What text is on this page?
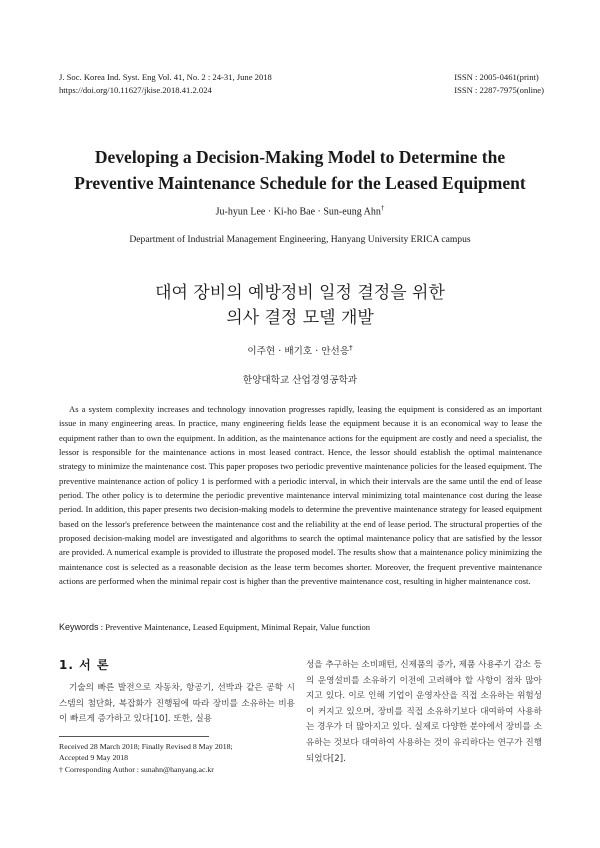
J. Soc. Korea Ind. Syst. Eng Vol. 41, No. 2 : 24-31, June 2018
https://doi.org/10.11627/jkise.2018.41.2.024
ISSN : 2005-0461(print)
ISSN : 2287-7975(online)
Developing a Decision-Making Model to Determine the
Preventive Maintenance Schedule for the Leased Equipment
Ju-hyun Lee · Ki-ho Bae · Sun-eung Ahn†
Department of Industrial Management Engineering, Hanyang University ERICA campus
대여 장비의 예방정비 일정 결정을 위한
의사 결정 모델 개발
이주현 · 배기호 · 안선응†
한양대학교 산업경영공학과

As a system complexity increases and technology innovation progresses rapidly, leasing the equipment is considered as an important issue in many engineering areas. In practice, many engineering fields lease the equipment because it is an economical way to lease the equipment rather than to own the equipment. In addition, as the maintenance actions for the equipment are costly and need a specialist, the lessor is responsible for the maintenance actions in most leased contract. Hence, the lessor should establish the optimal maintenance strategy to minimize the maintenance cost. This paper proposes two periodic preventive maintenance policies for the leased equipment. The preventive maintenance action of policy 1 is performed with a periodic interval, in which their intervals are the same until the end of lease period. The other policy is to determine the periodic preventive maintenance interval minimizing total maintenance cost during the lease period. In addition, this paper presents two decision-making models to determine the preventive maintenance strategy for leased equipment based on the lessor's preference between the maintenance cost and the reliability at the end of lease period. The structural properties of the proposed decision-making model are investigated and algorithms to search the optimal maintenance policy that are satisfied by the lessor are provided. A numerical example is provided to illustrate the proposed model. The results show that a maintenance policy minimizing the maintenance cost is selected as a reasonable decision as the lease term becomes shorter. Moreover, the frequent preventive maintenance actions are performed when the minimal repair cost is higher than the preventive maintenance cost, resulting in higher maintenance cost.

Keywords : Preventive Maintenance, Leased Equipment, Minimal Repair, Value function
1. 서 론

기술의 빠른 발전으로 자동차, 항공기, 선박과 같은 공학 시스템의 첨단화, 복잡화가 진행됨에 따라 장비를 소유하는 비용이 빠르게 증가하고 있다[10]. 또한, 실용

Received 28 March 2018; Finally Revised 8 May 2018;
Accepted 9 May 2018
† Corresponding Author : sunahn@hanyang.ac.kr

성을 추구하는 소비패턴, 신제품의 증가, 제품 사용주기 감소 등의 운영설비를 소유하기 이전에 고려해야 할 사항이 점차 많아지고 있다. 이로 인해 기업이 운영자산을 직접 소유하는 위험성이 커지고 있으며, 장비를 직접 소유하기보다 대여하여 사용하는 경우가 더 많아지고 있다. 실제로 다양한 분야에서 장비를 소유하는 것보다 대여하여 사용하는 것이 유리하다는 연구가 진행되었다[2].
